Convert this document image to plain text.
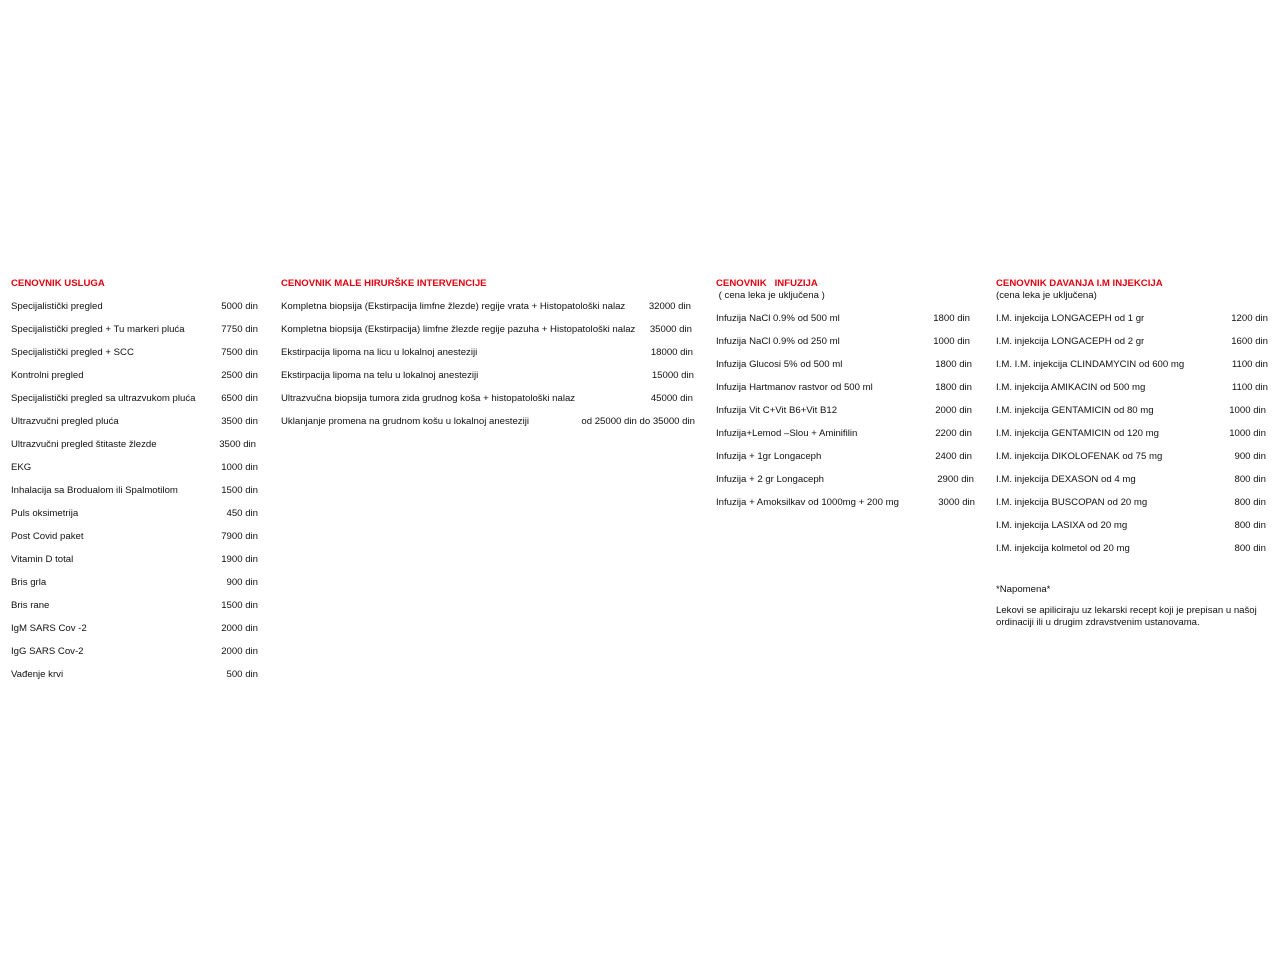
CENOVNIK USLUGA
Specijalistički pregled	5000 din
Specijalistički pregled + Tu markeri pluća	7750 din
Specijalistički pregled + SCC	7500 din
Kontrolni pregled	2500 din
Specijalistički pregled sa ultrazvukom pluća	6500 din
Ultrazvučni pregled pluća	3500 din
Ultrazvučni pregled štitaste žlezde	3500 din
EKG	1000 din
Inhalacija sa Brodualom ili Spalmotilom	1500 din
Puls oksimetrija	450 din
Post Covid paket	7900 din
Vitamin D total	1900 din
Bris grla	900 din
Bris rane	1500 din
IgM SARS Cov -2	2000 din
IgG SARS Cov-2	2000 din
Vađenje krvi	500 din
CENOVNIK MALE HIRURŠKE INTERVENCIJE
Kompletna biopsija (Ekstirpacija limfne žlezde) regije vrata + Histopatološki nalaz 32000 din
Kompletna biopsija (Ekstirpacija) limfne žlezde regije pazuha + Histopatološki nalaz 35000 din
Ekstirpacija lipoma na licu u lokalnoj anestеziji	18000 din
Ekstirpacija lipoma na telu u lokalnoj anestеziji	15000 din
Ultrazvučna biopsija tumora zida grudnog koša + histopatološki nalaz	45000 din
Uklanjanje promena na grudnom košu u lokalnoj anestеziji	od 25000 din do 35000 din
CENOVNIK   INFUZIJA
( cena leka je uključena )
Infuzija NaCl 0.9% od 500 ml	1800 din
Infuzija NaCl 0.9% od 250 ml	1000 din
Infuzija Glucosi 5% od 500 ml	1800 din
Infuzija Hartmanov rastvor od 500 ml	1800 din
Infuzija Vit C+Vit B6+Vit B12	2000 din
Infuzija+Lemod –Slou + Aminifilin	2200 din
Infuzija + 1gr Longaceph	2400 din
Infuzija + 2 gr Longaceph	2900 din
Infuzija + Amoksilkav od 1000mg + 200 mg	3000 din
CENOVNIK DAVANJA I.M INJEKCIJA
(cena leka je uključena)
I.M. injekcija LONGACEPH od 1 gr	1200 din
I.M. injekcija LONGACEPH od 2 gr	1600 din
I.M. I.M. injekcija CLINDAMYCIN od 600 mg	1100 din
I.M. injekcija AMIKACIN od 500 mg	1100 din
I.M. injekcija GENTAMICIN od 80 mg	1000 din
I.M. injekcija GENTAMICIN od 120 mg	1000 din
I.M. injekcija DIKOLOFENAK od 75 mg	900 din
I.M. injekcija DEXASON od 4 mg	800 din
I.M. injekcija BUSCOPAN od 20 mg	800 din
I.M. injekcija LASIXA od 20 mg	800 din
I.M. injekcija kolmetol od 20 mg	800 din
*Napomena*
Lekovi se apiliciraju uz lekarski recept koji je prepisan u našoj ordinaciji ili u drugim zdravstvenim ustanovama.
